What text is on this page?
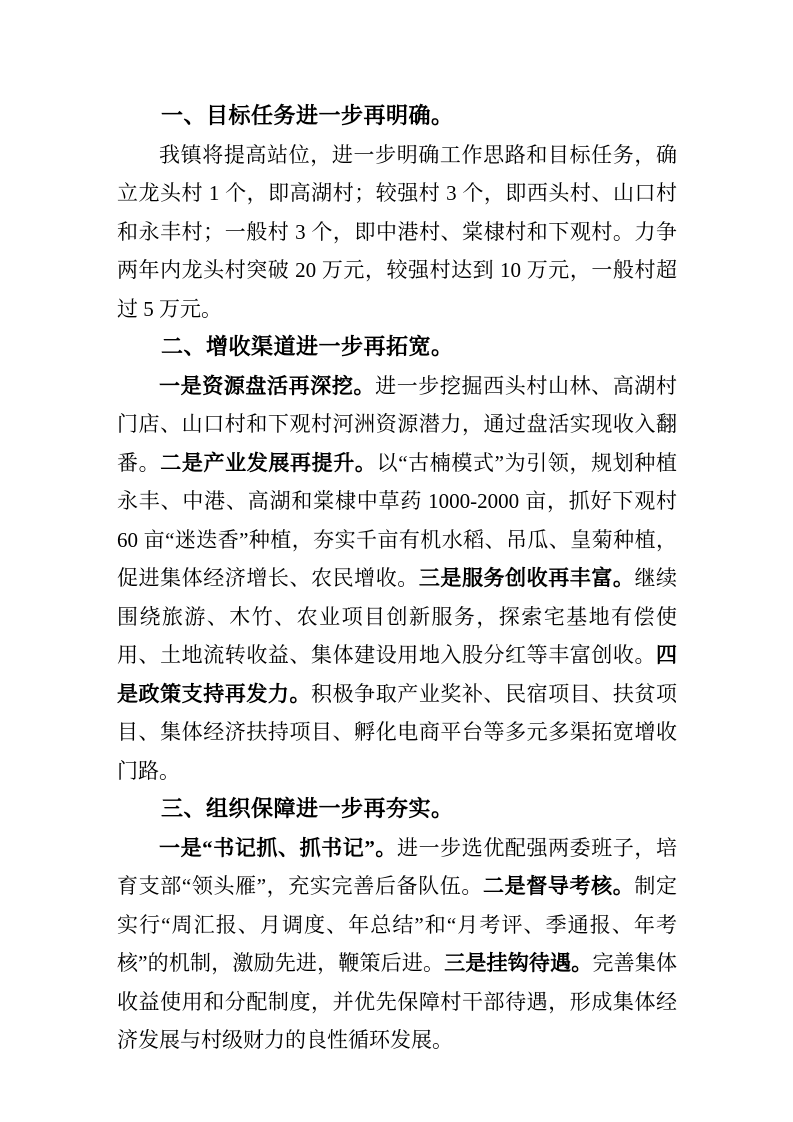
一、目标任务进一步再明确。

我镇将提高站位，进一步明确工作思路和目标任务，确立龙头村 1 个，即高湖村；较强村 3 个，即西头村、山口村和永丰村；一般村 3 个，即中港村、棠棣村和下观村。力争两年内龙头村突破 20 万元，较强村达到 10 万元，一般村超过 5 万元。

二、增收渠道进一步再拓宽。

一是资源盘活再深挖。进一步挖掘西头村山林、高湖村门店、山口村和下观村河洲资源潜力，通过盘活实现收入翻番。二是产业发展再提升。以“古楠模式”为引领，规划种植永丰、中港、高湖和棠棣中草药 1000-2000 亩，抓好下观村 60 亩“迷迭香”种植，夯实千亩有机水稻、吊瓜、皇菊种植，促进集体经济增长、农民增收。三是服务创收再丰富。继续围绕旅游、木竹、农业项目创新服务，探索宅基地有偿使用、土地流转收益、集体建设用地入股分红等丰富创收。四是政策支持再发力。积极争取产业奖补、民宿项目、扶贫项目、集体经济扶持项目、孵化电商平台等多元多渠拓宽增收门路。

三、组织保障进一步再夯实。

一是“书记抓、抓书记”。进一步选优配强两委班子，培育支部“领头雁”，充实完善后备队伍。二是督导考核。制定实行“周汇报、月调度、年总结”和“月考评、季通报、年考核”的机制，激励先进，鞭策后进。三是挂钩待遇。完善集体收益使用和分配制度，并优先保障村干部待遇，形成集体经济发展与村级财力的良性循环发展。
